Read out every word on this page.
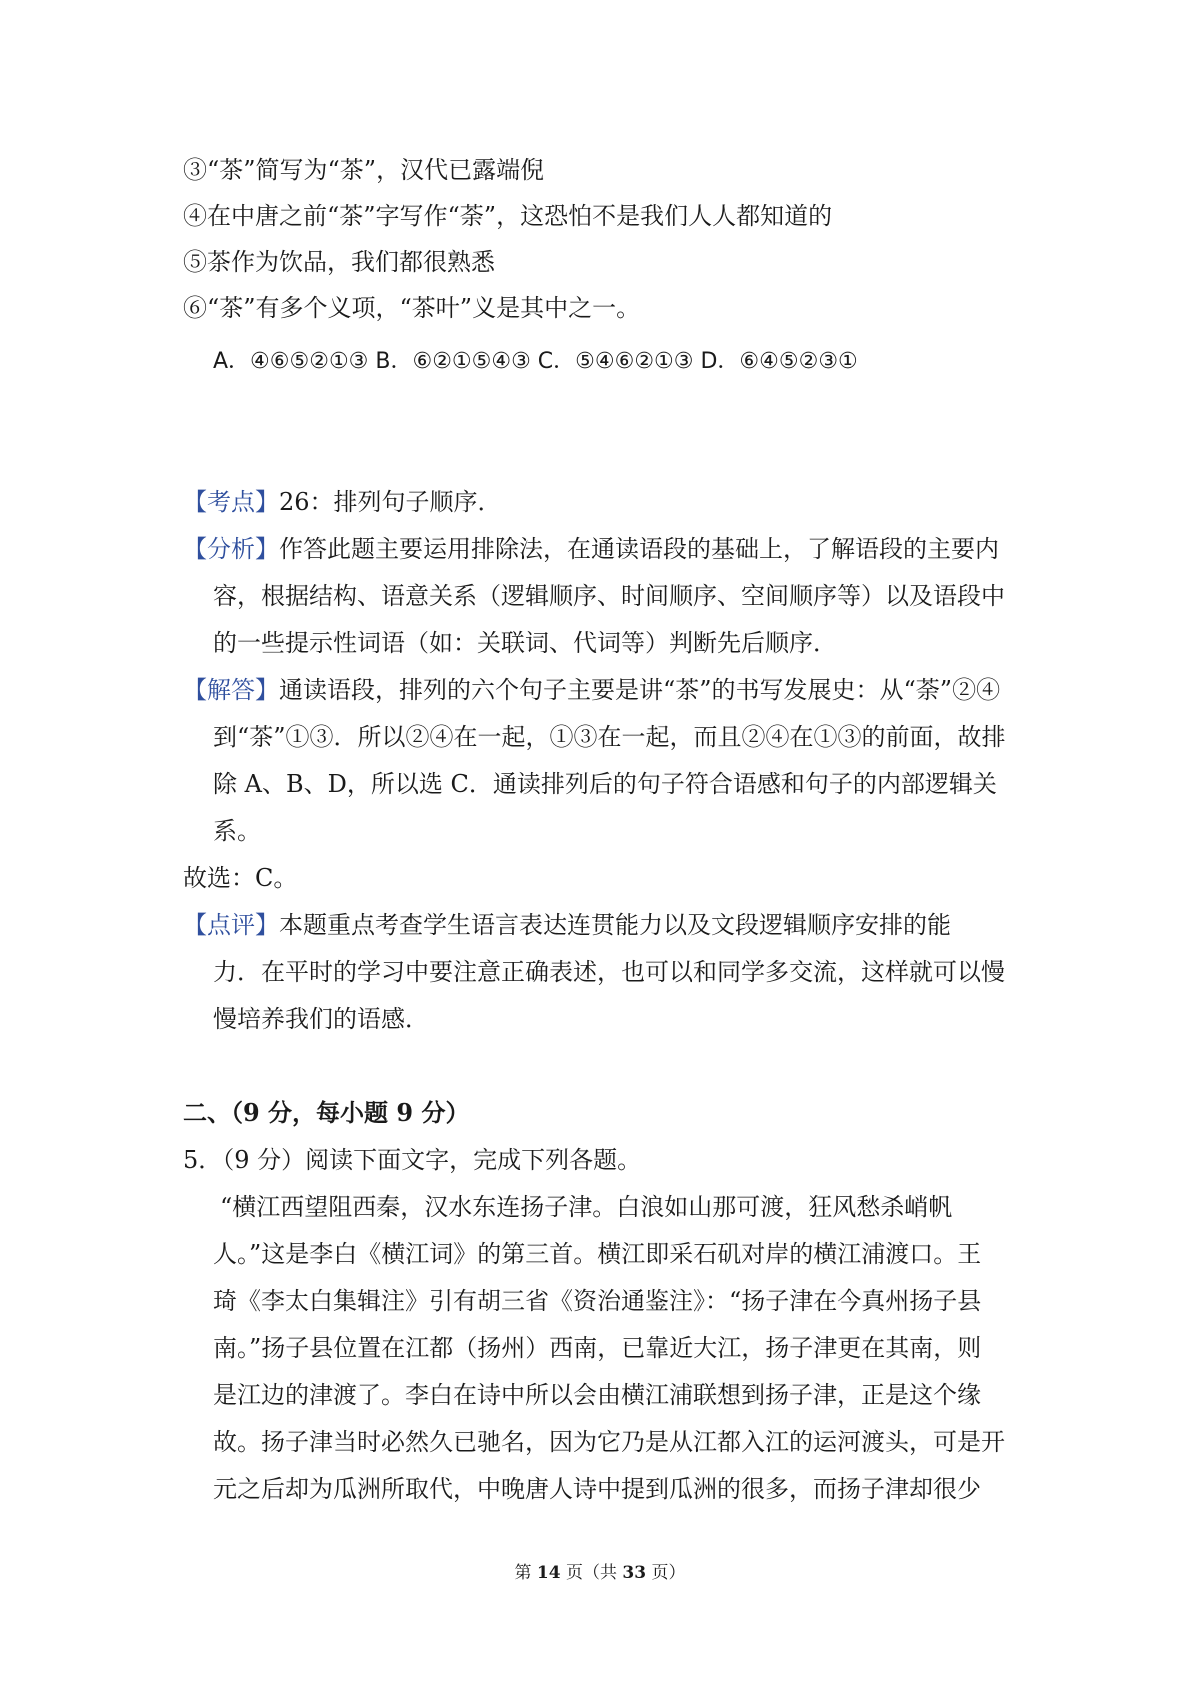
③“茶”简写为“茶”，汉代已露端倪
④在中唐之前“茶”字写作“荼”，这恐怕不是我们人人都知道的
⑤茶作为饮品，我们都很熟悉
⑥“茶”有多个义项，“茶叶”义是其中之一。
A．④⑥⑤②①③ B．⑥②①⑤④③ C．⑤④⑥②①③ D．⑥④⑤②③①
【考点】26：排列句子顺序．
【分析】作答此题主要运用排除法，在通读语段的基础上，了解语段的主要内
容，根据结构、语意关系（逻辑顺序、时间顺序、空间顺序等）以及语段中
的一些提示性词语（如：关联词、代词等）判断先后顺序．
【解答】通读语段，排列的六个句子主要是讲“茶”的书写发展史：从“荼”②④
到“茶”①③．所以②④在一起，①③在一起，而且②④在①③的前面，故排
除 A、B、D，所以选 C．通读排列后的句子符合语感和句子的内部逻辑关
系。
故选：C。
【点评】本题重点考查学生语言表达连贯能力以及文段逻辑顺序安排的能
力．在平时的学习中要注意正确表述，也可以和同学多交流，这样就可以慢
慢培养我们的语感．
二、（9 分，每小题 9 分）
5．（9 分）阅读下面文字，完成下列各题。
“横江西望阻西秦，汉水东连扬子津。白浪如山那可渡，狂风愁杀峭帆
人。”这是李白《横江词》的第三首。横江即采石矶对岸的横江浦渡口。王
琦《李太白集辑注》引有胡三省《资治通鉴注》：“扬子津在今真州扬子县
南。”扬子县位置在江都（扬州）西南，已靠近大江，扬子津更在其南，则
是江边的津渡了。李白在诗中所以会由横江浦联想到扬子津，正是这个缘
故。扬子津当时必然久已驰名，因为它乃是从江都入江的运河渡头，可是开
元之后却为瓜洲所取代，中晚唐人诗中提到瓜洲的很多，而扬子津却很少
第 14 页（共 33 页）
